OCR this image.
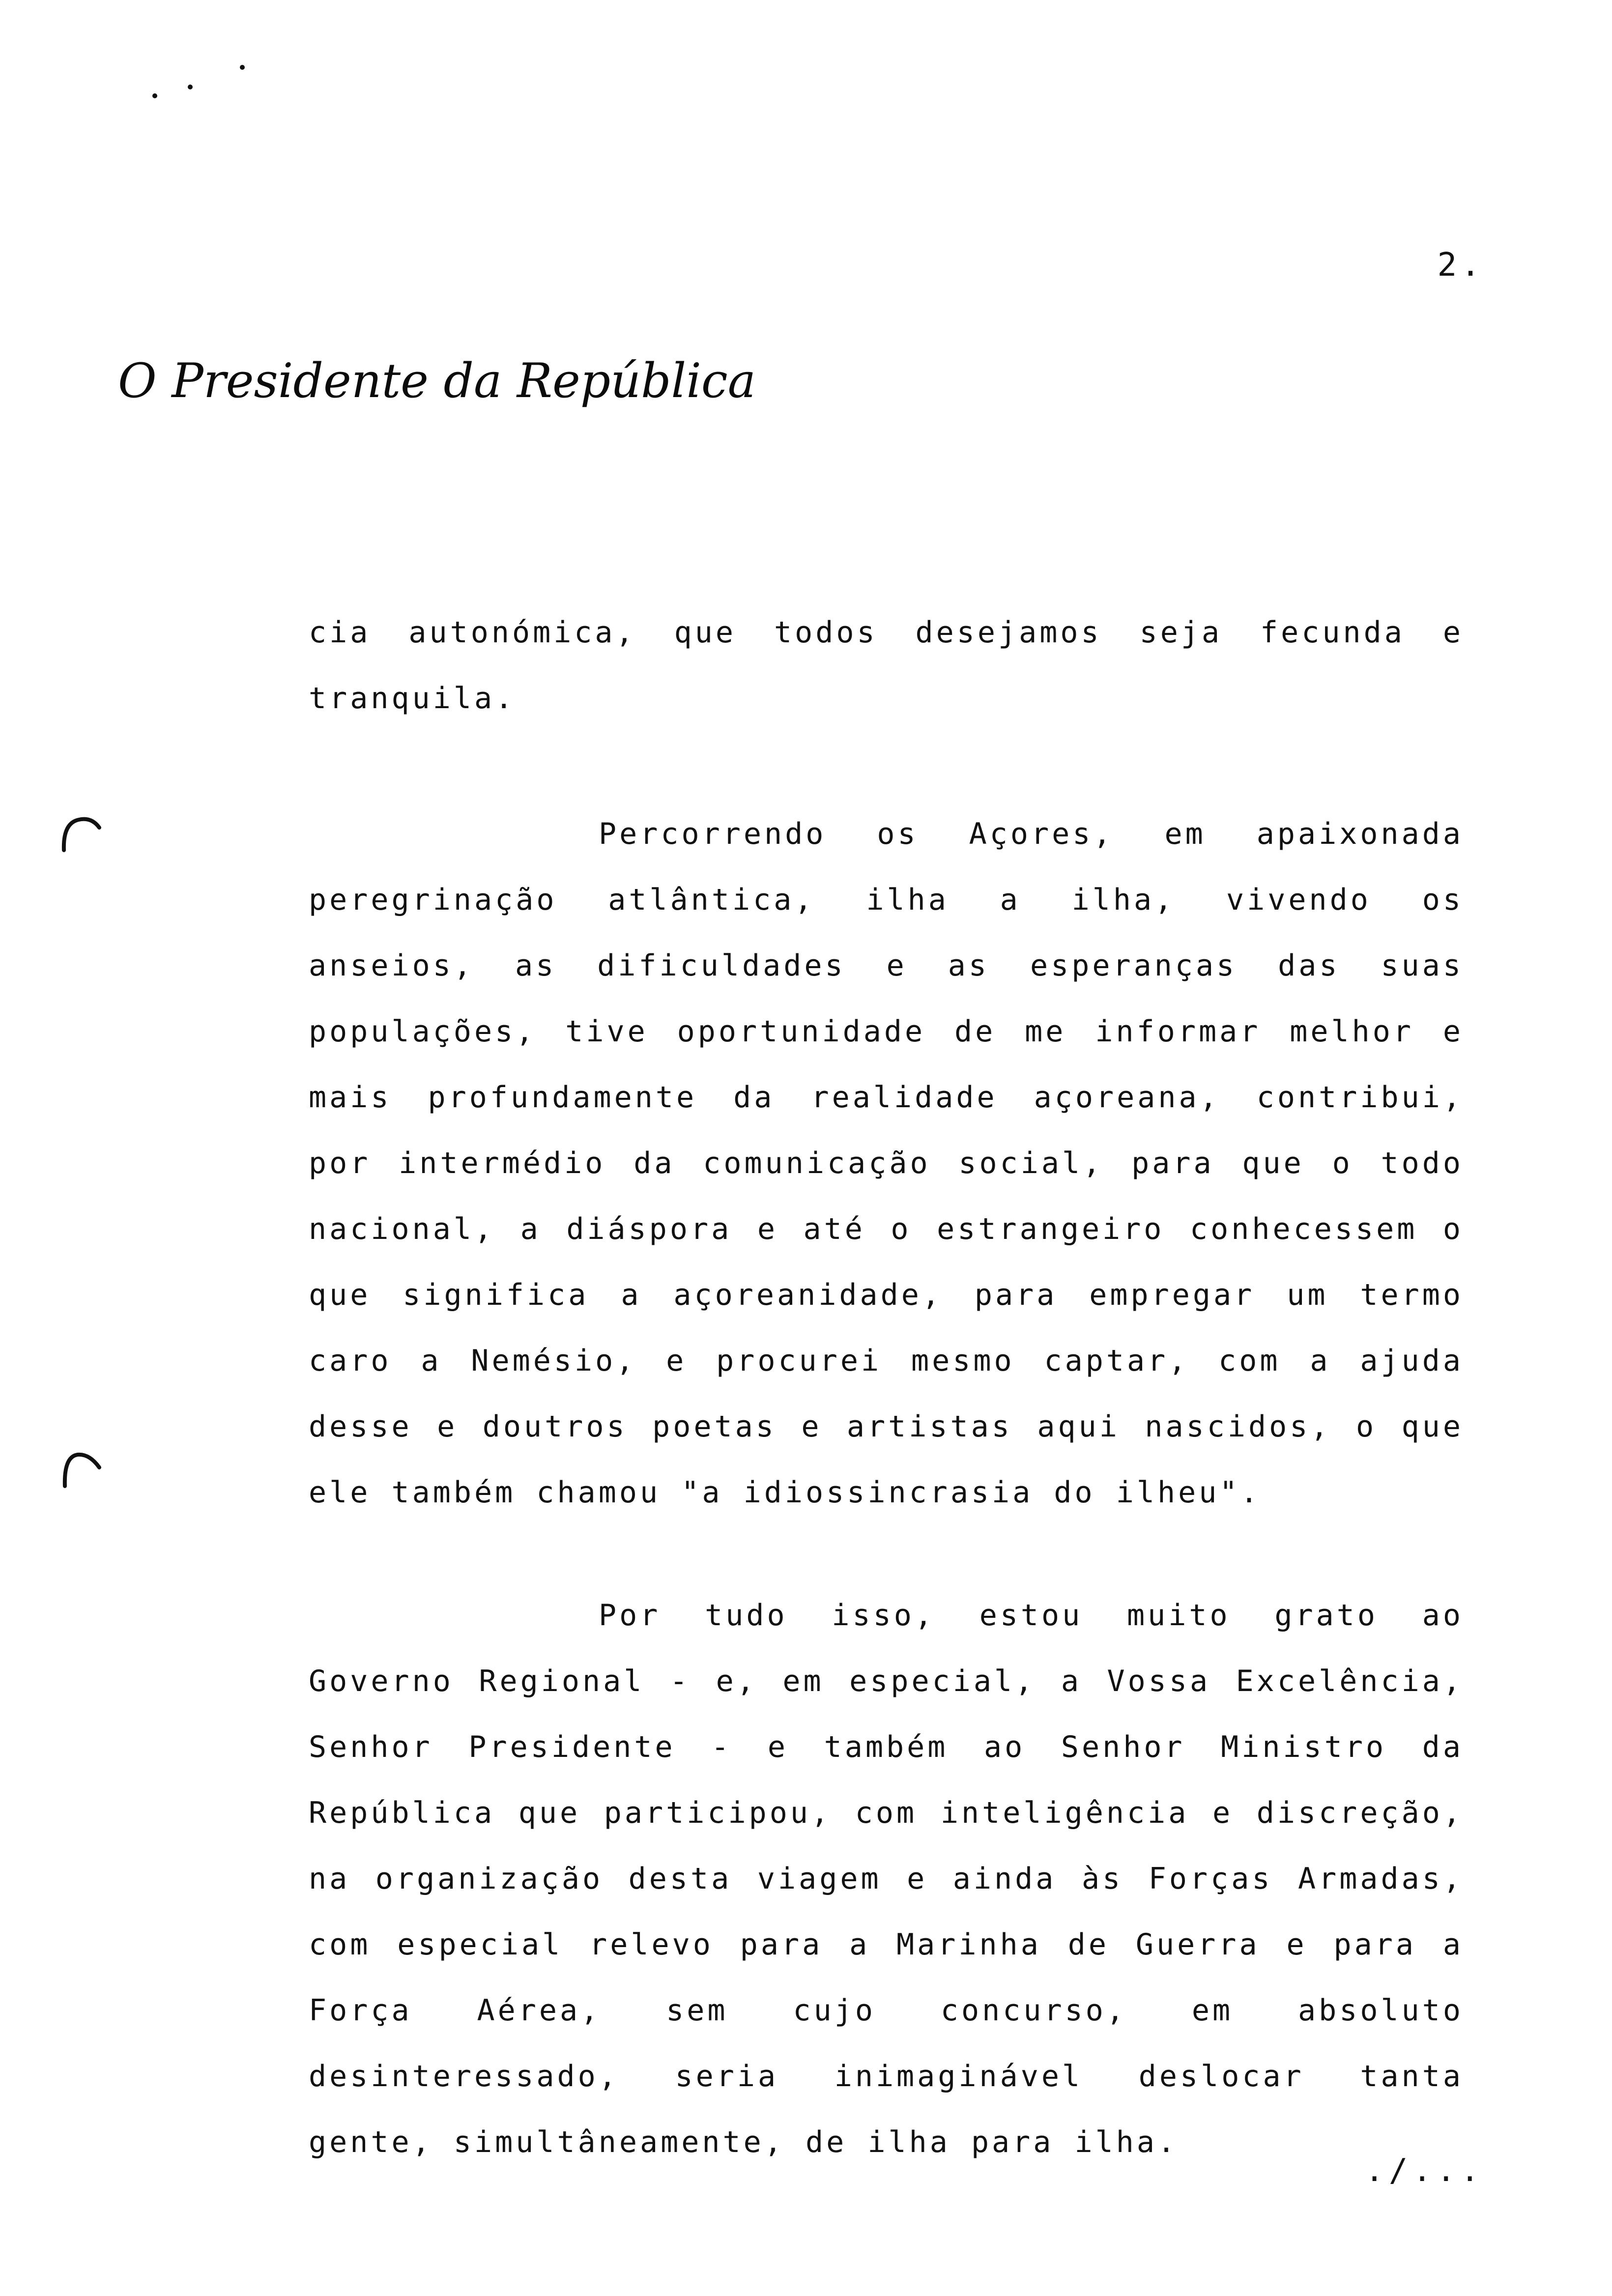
2.
O Presidente da República

cia autonómica, que todos desejamos seja fecunda e tranquila.

Percorrendo os Açores, em apaixonada peregrinação atlântica, ilha a ilha, vivendo os anseios, as dificuldades e as esperanças das suas populações, tive oportunidade de me informar melhor e mais profundamente da realidade açoreana, contribui, por intermédio da comunicação social, para que o todo nacional, a diáspora e até o estrangeiro conhecessem o que significa a açoreanidade, para empregar um termo caro a Nemésio, e procurei mesmo captar, com a ajuda desse e doutros poetas e artistas aqui nascidos, o que ele também chamou "a idiossincrasia do ilheu".

Por tudo isso, estou muito grato ao Governo Regional - e, em especial, a Vossa Excelência, Senhor Presidente - e também ao Senhor Ministro da República que participou, com inteligência e discreção, na organização desta viagem e ainda às Forças Armadas, com especial relevo para a Marinha de Guerra e para a Força Aérea, sem cujo concurso, em absoluto desinteressado, seria inimaginável deslocar tanta gente, simultâneamente, de ilha para ilha.

./...
